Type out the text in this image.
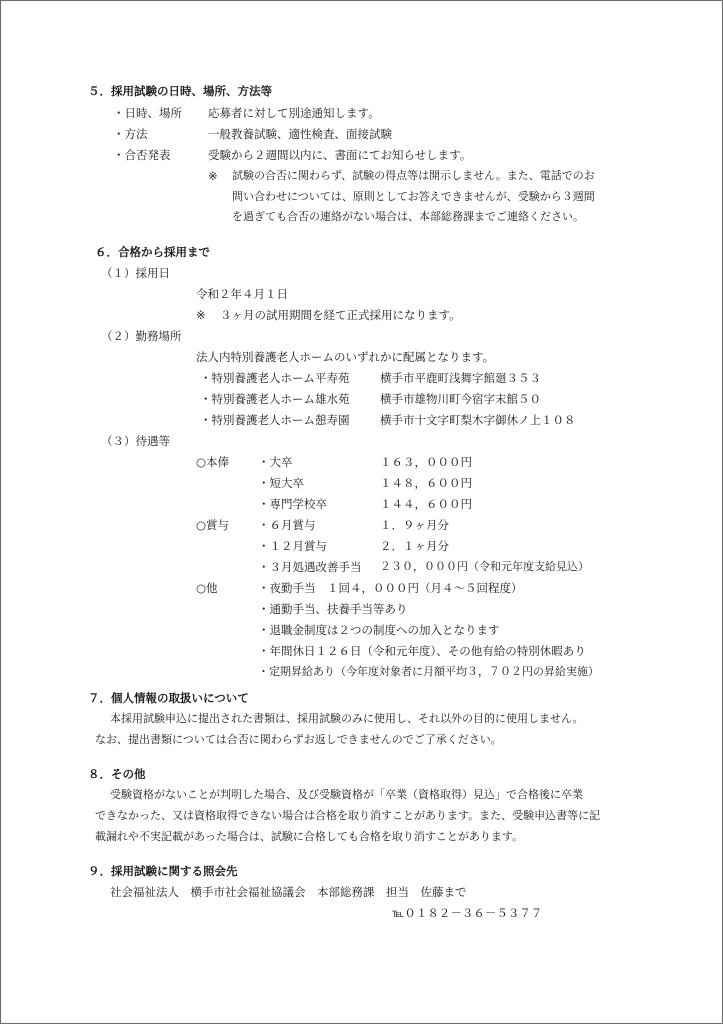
５．採用試験の日時、場所、方法等
・日時、場所 応募者に対して別途通知します。
・方法	一般教養試験、適性検査、面接試験
・合否発表	受験から２週間以内に、書面にてお知らせします。
※ 試験の合否に関わらず、試験の得点等は開示しません。また、電話でのお
問い合わせについては、原則としてお答えできませんが、受験から３週間
を過ぎても合否の連絡がない場合は、本部総務課までご連絡ください。
６．合格から採用まで
（１）採用日
令和２年４月１日
※ ３ヶ月の試用期間を経て正式採用になります。
（２）勤務場所
法人内特別養護老人ホームのいずれかに配属となります。
・特別養護老人ホーム平寿苑	横手市平鹿町浅舞字館廻３５３
・特別養護老人ホーム雄水苑	横手市雄物川町今宿字末館５０
・特別養護老人ホーム憩寿園	横手市十文字町梨木字御休ノ上１０８
（３）待遇等
○本俸	・大卒	１６３，０００円
・短大卒	１４８，６００円
・専門学校卒	１４４，６００円
○賞与	・６月賞与	１．９ヶ月分
・１２月賞与	２．１ヶ月分
・３月処遇改善手当 ２３０，０００円（令和元年度支給見込）
○他	・夜勤手当　１回４，０００円（月４～５回程度）
・通勤手当、扶養手当等あり
・退職金制度は２つの制度への加入となります
・年間休日１２６日（令和元年度）、その他有給の特別休暇あり
・定期昇給あり（今年度対象者に月額平均３，７０２円の昇給実施）
７．個人情報の取扱いについて
本採用試験申込に提出された書類は、採用試験のみに使用し、それ以外の目的に使用しません。
なお、提出書類については合否に関わらずお返しできませんのでご了承ください。
８．その他
受験資格がないことが判明した場合、及び受験資格が「卒業（資格取得）見込」で合格後に卒業
できなかった、又は資格取得できない場合は合格を取り消すことがあります。また、受験申込書等に記
載漏れや不実記載があった場合は、試験に合格しても合格を取り消すことがあります。
９．採用試験に関する照会先
社会福祉法人　横手市社会福祉協議会　本部総務課　担当　佐藤まで
℡０１８２－３６－５３７７
